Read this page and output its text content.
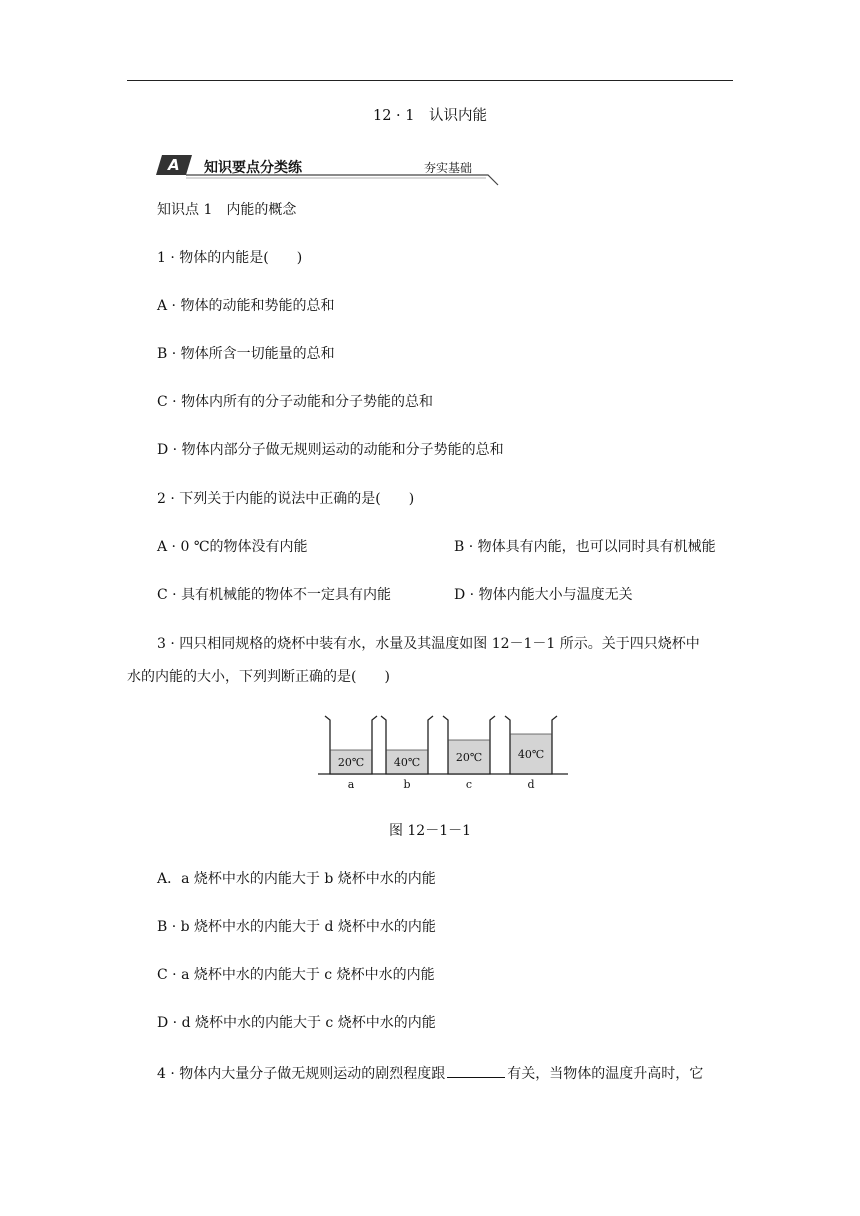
12 · 1　认识内能
A 知识要点分类练	夯实基础
知识点 1　内能的概念
1 · 物体的内能是(　　)
A · 物体的动能和势能的总和
B · 物体所含一切能量的总和
C · 物体内所有的分子动能和分子势能的总和
D · 物体内部分子做无规则运动的动能和分子势能的总和
2 · 下列关于内能的说法中正确的是(　　)
A · 0 ℃的物体没有内能	B · 物体具有内能，也可以同时具有机械能
C · 具有机械能的物体不一定具有内能	D · 物体内能大小与温度无关
3 · 四只相同规格的烧杯中装有水，水量及其温度如图 12－1－1 所示。关于四只烧杯中
水的内能的大小，下列判断正确的是(　　)
20℃
a
40℃
b
20℃
c
40℃
d
图 12－1－1
A．a 烧杯中水的内能大于 b 烧杯中水的内能
B · b 烧杯中水的内能大于 d 烧杯中水的内能
C · a 烧杯中水的内能大于 c 烧杯中水的内能
D · d 烧杯中水的内能大于 c 烧杯中水的内能
4 · 物体内大量分子做无规则运动的剧烈程度跟	有关，当物体的温度升高时，它
